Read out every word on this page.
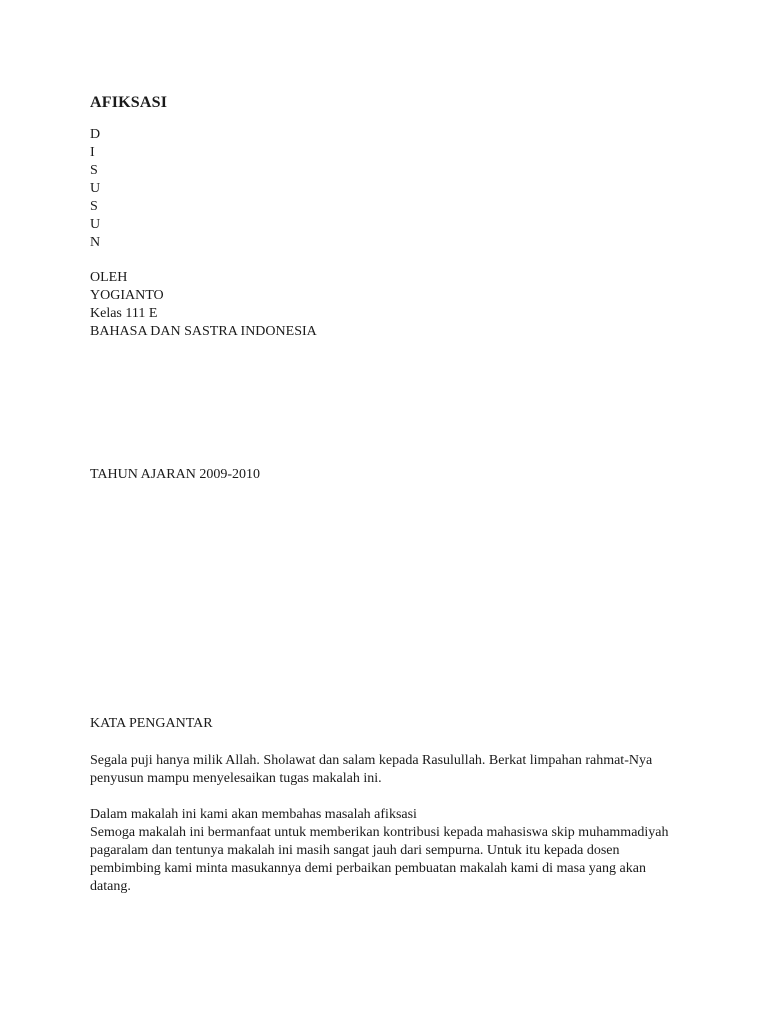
AFIKSASI
D
I
S
U
S
U
N
OLEH
YOGIANTO
Kelas 111 E
BAHASA DAN SASTRA INDONESIA
TAHUN AJARAN 2009-2010
KATA PENGANTAR

Segala puji hanya milik Allah. Sholawat dan salam kepada Rasulullah. Berkat limpahan rahmat-Nya penyusun mampu menyelesaikan tugas makalah ini.

Dalam makalah ini kami akan membahas masalah afiksasi
Semoga makalah ini bermanfaat untuk memberikan kontribusi kepada mahasiswa skip muhammadiyah pagaralam dan tentunya makalah ini masih sangat jauh dari sempurna. Untuk itu kepada dosen pembimbing kami minta masukannya demi perbaikan pembuatan makalah kami di masa yang akan datang.
